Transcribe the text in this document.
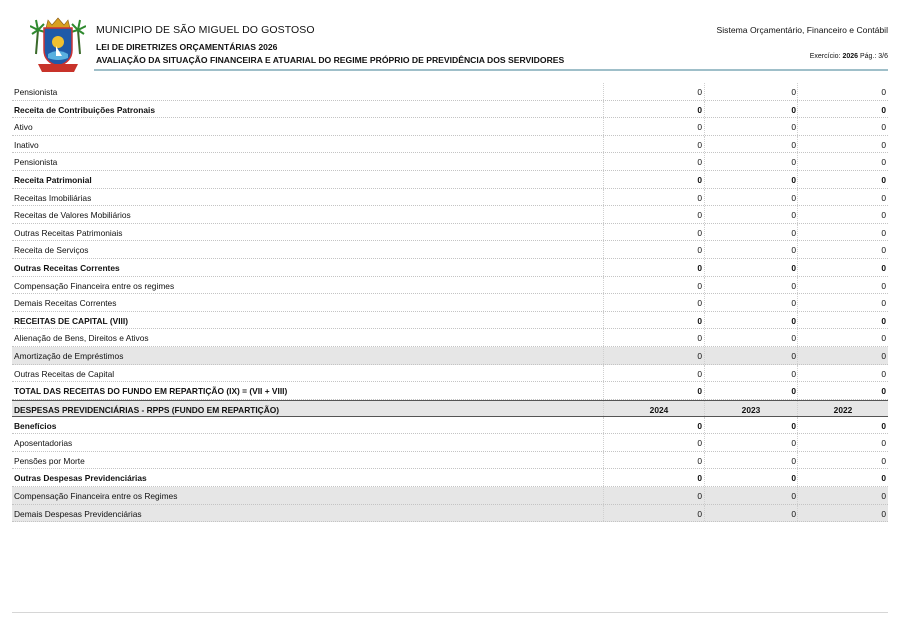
MUNICIPIO DE SÃO MIGUEL DO GOSTOSO
LEI DE DIRETRIZES ORÇAMENTÁRIAS 2026
AVALIAÇÃO DA SITUAÇÃO FINANCEIRA E ATUARIAL DO REGIME PRÓPRIO DE PREVIDÊNCIA DOS SERVIDORES
Sistema Orçamentário, Financeiro e Contábil
Exercício: 2026 Pág.: 3/6
Pensionista	0	0	0
Receita de Contribuições Patronais	0	0	0
Ativo	0	0	0
Inativo	0	0	0
Pensionista	0	0	0
Receita Patrimonial	0	0	0
Receitas Imobiliárias	0	0	0
Receitas de Valores Mobiliários	0	0	0
Outras Receitas Patrimoniais	0	0	0
Receita de Serviços	0	0	0
Outras Receitas Correntes	0	0	0
Compensação Financeira entre os regimes	0	0	0
Demais Receitas Correntes	0	0	0
RECEITAS DE CAPITAL (VIII)	0	0	0
Alienação de Bens, Direitos e Ativos	0	0	0
Amortização de Empréstimos	0	0	0
Outras Receitas de Capital	0	0	0
TOTAL DAS RECEITAS DO FUNDO EM REPARTIÇÃO (IX) = (VII + VIII)	0	0	0
DESPESAS PREVIDENCIÁRIAS - RPPS (FUNDO EM REPARTIÇÃO)	2024	2023	2022
Benefícios	0	0	0
Aposentadorias	0	0	0
Pensões por Morte	0	0	0
Outras Despesas Previdenciárias	0	0	0
Compensação Financeira entre os Regimes	0	0	0
Demais Despesas Previdenciárias	0	0	0
